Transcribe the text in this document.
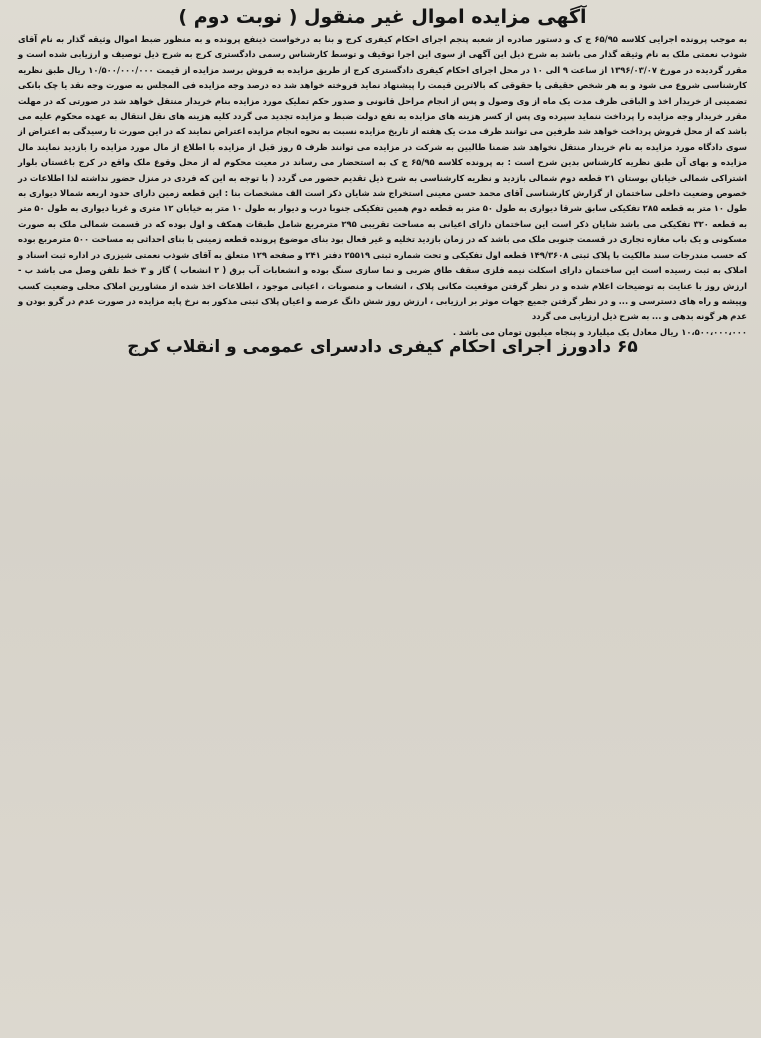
آگهی مزایده اموال غیر منقول ( نوبت دوم )

به موجب پرونده اجرایی کلاسه ۶۵/۹۵ ج ک و دستور صادره از شعبه پنجم اجرای احکام کیفری کرج و بنا به درخواست ذینفع پرونده و به منظور ضبط اموال وثیقه گذار به نام آقای شوذب نعمتی ملک به نام وثیقه گذار می باشد به شرح ذیل این آگهی از سوی این اجرا توقیف و توسط کارشناس رسمی دادگستری کرج به شرح ذیل توصیف و ارزیابی شده است و مقرر گردیده در مورخ ۱۳۹۶/۰۳/۰۷ از ساعت ۹ الی ۱۰ در محل اجرای احکام کیفری دادگستری کرج از طریق مزایده به فروش برسد مزایده از قیمت ۱۰/۵۰۰/۰۰۰/۰۰۰ ریال طبق نظریه کارشناسی شروع می شود و به هر شخص حقیقی یا حقوقی که بالاترین قیمت را پیشنهاد نماید فروخته خواهد شد ده درصد وجه مزایده فی المجلس به صورت وجه نقد یا چک بانکی تضمینی از خریدار اخذ و الباقی ظرف مدت یک ماه از وی وصول و پس از انجام مراحل قانونی و صدور حکم تملیک مورد مزایده بنام خریدار منتقل خواهد شد در صورتی که در مهلت مقرر خریدار وجه مزایده را پرداخت ننماید سپرده وی پس از کسر هزینه های مزایده به نفع دولت ضبط و مزایده تجدید می گردد کلیه هزینه های نقل انتقال به عهده محکوم علیه می باشد که از محل فروش پرداخت خواهد شد طرفین می توانند ظرف مدت یک هفته از تاریخ مزایده نسبت به نحوه انجام مزایده اعتراض نمایند که در این صورت تا رسیدگی به اعتراض از سوی دادگاه مورد مزایده به نام خریدار منتقل نخواهد شد ضمنا طالبین به شرکت در مزایده می توانند ظرف ۵ روز قبل از مزایده با اطلاع از مال مورد مزایده را بازدید نمایند مال مزایده و بهای آن طبق نظریه کارشناس بدین شرح است : به پرونده کلاسه ۶۵/۹۵ ج ک به استحضار می رساند در معیت محکوم له از محل وقوع ملک واقع در کرج باغستان بلوار اشتراکی شمالی خیابان بوستان ۲۱ قطعه دوم شمالی بازدید و نظریه کارشناسی به شرح ذیل تقدیم حضور می گردد ( با توجه به این که فردی در منزل حضور نداشته لذا اطلاعات در خصوص وضعیت داخلی ساختمان از گزارش کارشناسی آقای محمد حسن معینی استخراج شد شایان ذکر است الف مشخصات بنا : این قطعه زمین دارای حدود اربعه شمالا دیواری به طول ۱۰ متر به قطعه ۲۸۵ تفکیکی سابق شرقا دیواری به طول ۵۰ متر به قطعه دوم همین تفکیکی جنوبا درب و دیوار به طول ۱۰ متر به خیابان ۱۲ متری و غربا دیواری به طول ۵۰ متر به قطعه ۳۲۰ تفکیکی می باشد شایان ذکر است این ساختمان دارای اعیانی به مساحت تقریبی ۲۹۵ مترمربع شامل طبقات همکف و اول بوده که در قسمت شمالی ملک به صورت مسکونی و یک باب مغازه تجاری در قسمت جنوبی ملک می باشد که در زمان بازدید تخلیه و غیر فعال بود بنای موضوع پرونده قطعه زمینی با بنای احداثی به مساحت ۵۰۰ مترمربع بوده که حسب مندرجات سند مالکیت با پلاک ثبتی ۱۴۹/۳۶۰۸ قطعه اول تفکیکی و تحت شماره ثبتی ۲۵۵۱۹ دفتر ۲۴۱ و صفحه ۱۲۹ متعلق به آقای شوذب نعمتی شیزری در اداره ثبت اسناد و املاک به ثبت رسیده است این ساختمان دارای اسکلت نیمه فلزی سقف طاق ضربی و نما سازی سنگ بوده و انشعابات آب برق ( ۲ انشعاب ) گاز و ۳ خط تلفن وصل می باشد ب - ارزش روز با عنایت به توضیحات اعلام شده و در نظر گرفتن موقعیت مکانی پلاک ، انشعاب و منصوبات ، اعیانی موجود ، اطلاعات اخذ شده از مشاورین املاک محلی وضعیت کسب وپیشه و راه های دسترسی و ... و در نظر گرفتن جمیع جهات موثر بر ارزیابی ، ارزش روز شش دانگ عرصه و اعیان پلاک ثبتی مذکور به نرخ پایه مزایده در صورت عدم در گرو بودن و عدم هر گونه بدهی و ... به شرح ذیل ارزیابی می گردد

۱۰،۵۰۰،۰۰۰،۰۰۰ ریال معادل یک میلیارد و پنجاه میلیون تومان می باشد .

۶۵ دادورز اجرای احکام کیفری دادسرای عمومی و انقلاب کرج
